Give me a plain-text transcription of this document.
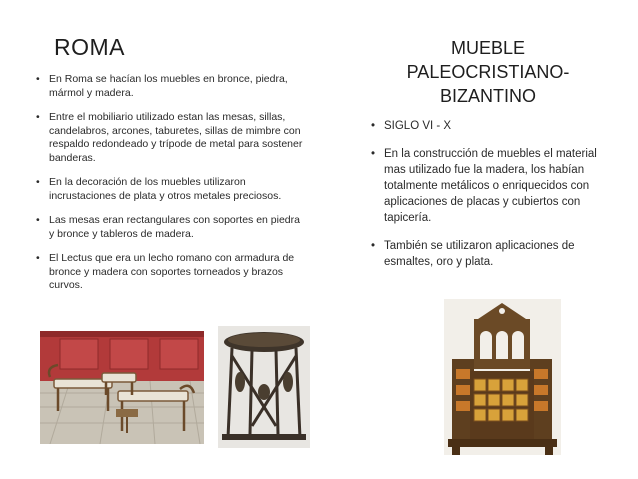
ROMA	MUEBLE PALEOCRISTIANO-BIZANTINO
• En Roma se hacían los muebles en bronce, piedra, mármol y madera.
• Entre el mobiliario utilizado estan las mesas, sillas, candelabros, arcones, taburetes, sillas de mimbre con respaldo redondeado y trípode de metal para sostener banderas.
• En la decoración de los muebles utilizaron incrustaciones de plata y otros metales preciosos.
• Las mesas eran rectangulares con soportes en piedra y bronce y tableros de madera.
• El Lectus que era un lecho romano con armadura de bronce y madera con soportes torneados y brazos curvos.
• SIGLO VI - X
• En la construcción de muebles el material mas utilizado fue la madera, los habían totalmente metálicos o enriquecidos con aplicaciones de placas y cubiertos con tapicería.
• También se utilizaron aplicaciones de esmaltes, oro y plata.
